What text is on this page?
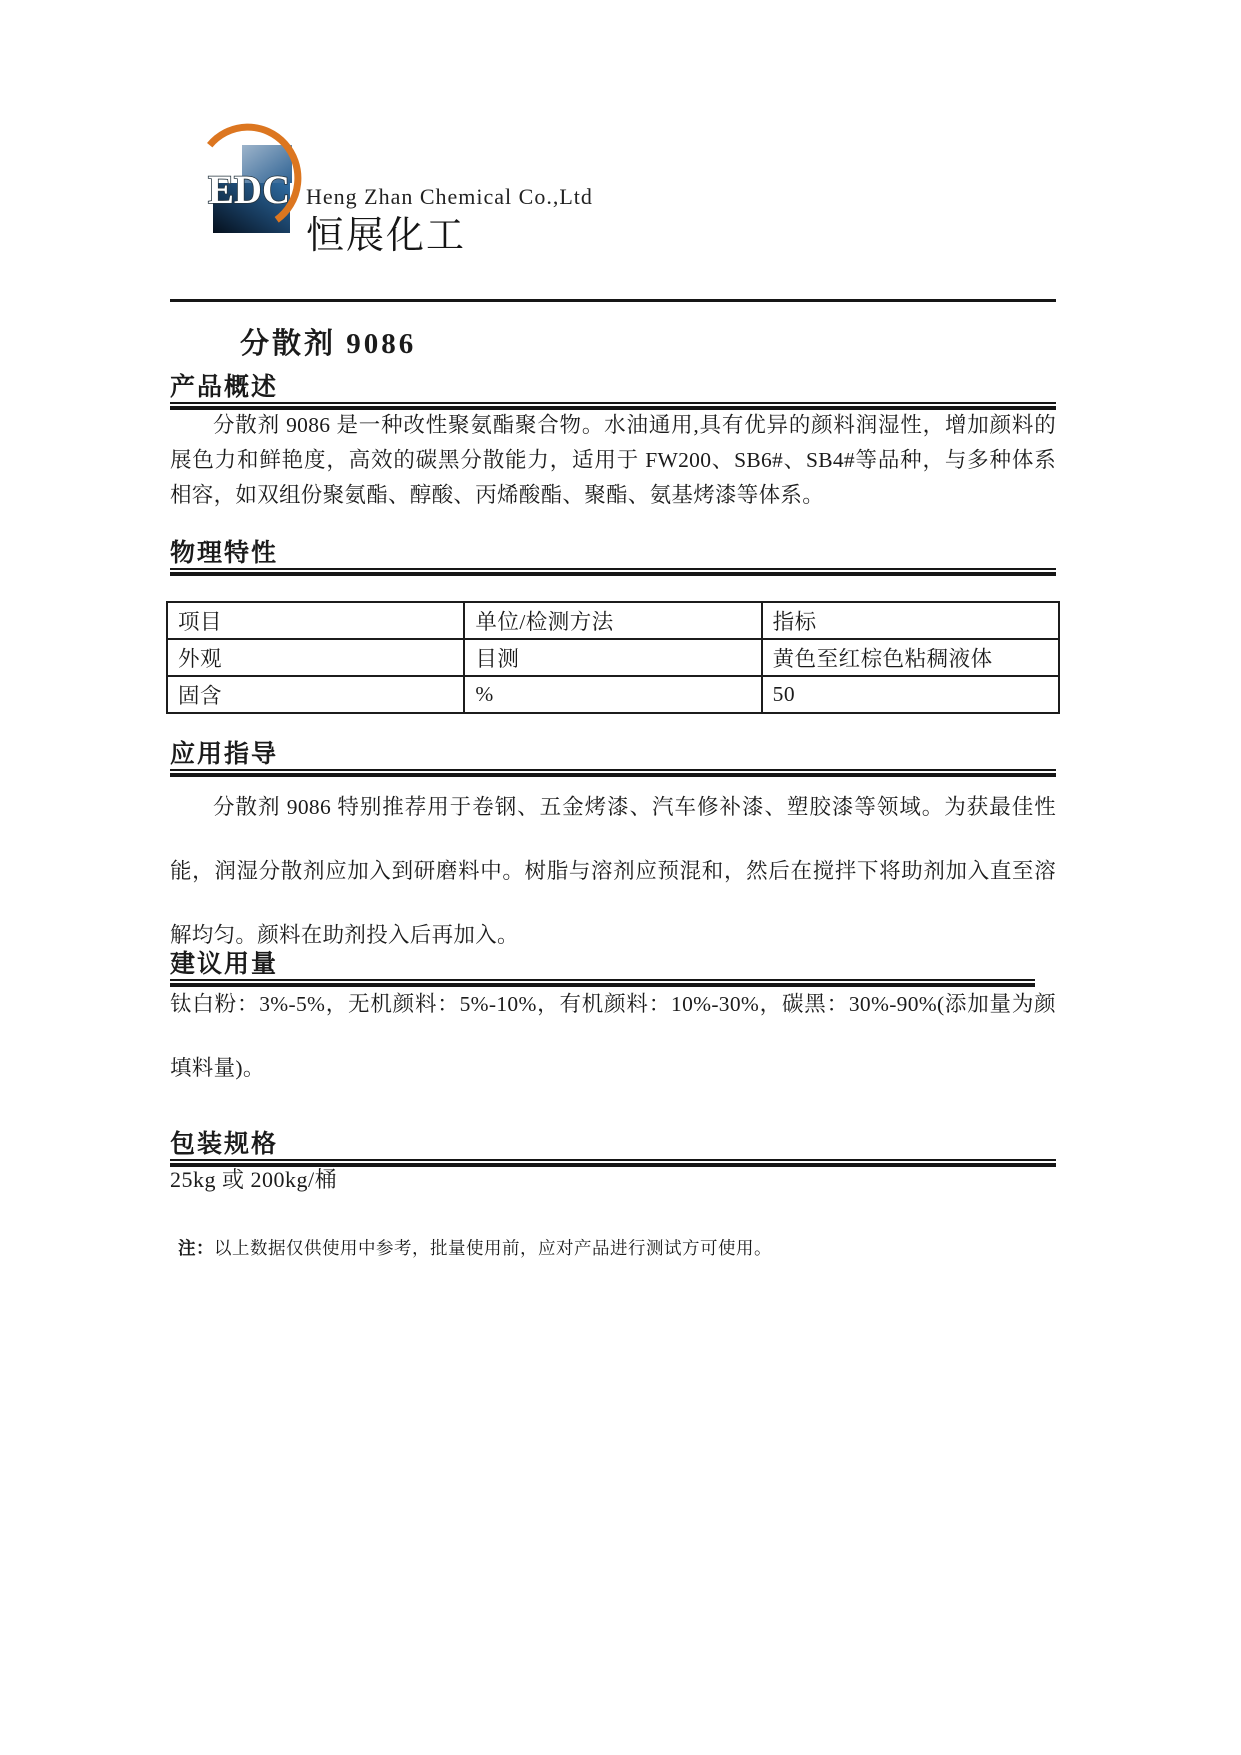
EDC Heng Zhan Chemical Co.,Ltd
恒展化工
分散剂 9086
产品概述

分散剂 9086 是一种改性聚氨酯聚合物。水油通用,具有优异的颜料润湿性，增加颜料的展色力和鲜艳度，高效的碳黑分散能力，适用于 FW200、SB6#、SB4#等品种，与多种体系相容，如双组份聚氨酯、醇酸、丙烯酸酯、聚酯、氨基烤漆等体系。

物理特性
项目	单位/检测方法	指标
外观	目测	黄色至红棕色粘稠液体
固含	%	50
应用指导

分散剂 9086 特别推荐用于卷钢、五金烤漆、汽车修补漆、塑胶漆等领域。为获最佳性能，润湿分散剂应加入到研磨料中。树脂与溶剂应预混和，然后在搅拌下将助剂加入直至溶解均匀。颜料在助剂投入后再加入。

建议用量

钛白粉：3%-5%，无机颜料：5%-10%，有机颜料：10%-30%，碳黑：30%-90%(添加量为颜填料量)。

包装规格

25kg 或 200kg/桶

注：以上数据仅供使用中参考，批量使用前，应对产品进行测试方可使用。
